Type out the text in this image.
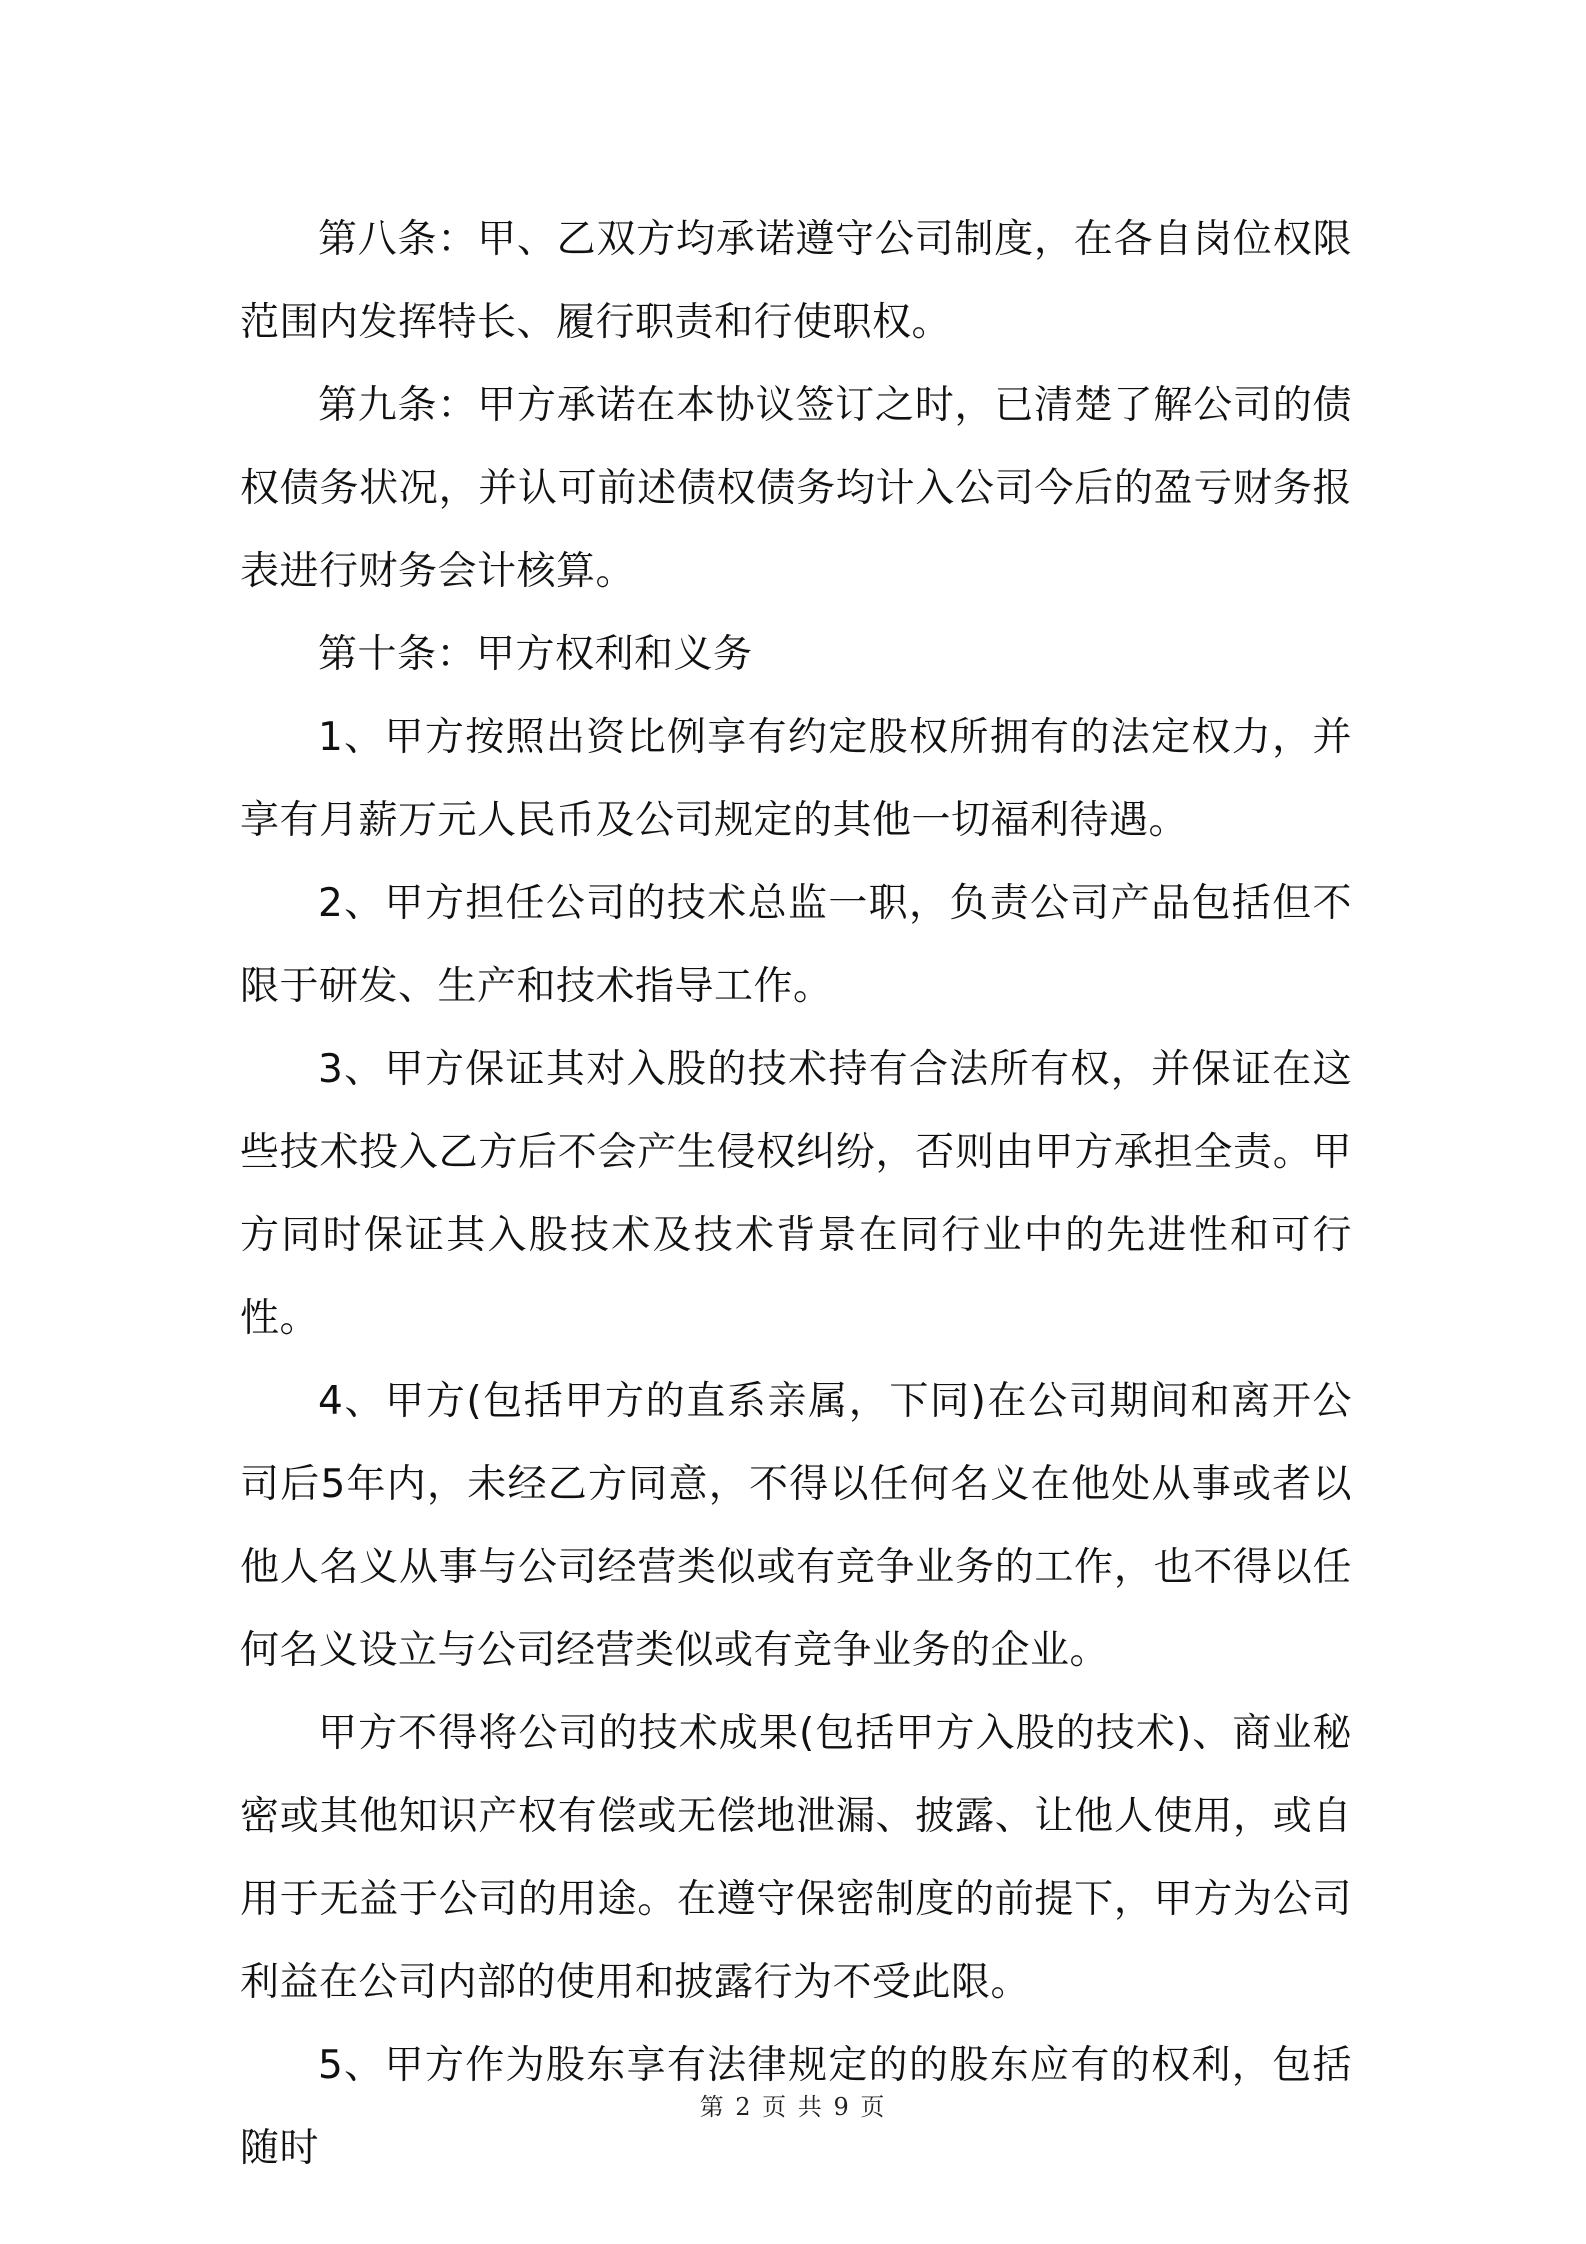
第八条：甲、乙双方均承诺遵守公司制度，在各自岗位权限范围内发挥特长、履行职责和行使职权。

第九条：甲方承诺在本协议签订之时，已清楚了解公司的债权债务状况，并认可前述债权债务均计入公司今后的盈亏财务报表进行财务会计核算。

第十条：甲方权利和义务

1、甲方按照出资比例享有约定股权所拥有的法定权力，并享有月薪万元人民币及公司规定的其他一切福利待遇。

2、甲方担任公司的技术总监一职，负责公司产品包括但不限于研发、生产和技术指导工作。

3、甲方保证其对入股的技术持有合法所有权，并保证在这些技术投入乙方后不会产生侵权纠纷，否则由甲方承担全责。甲方同时保证其入股技术及技术背景在同行业中的先进性和可行性。

4、甲方(包括甲方的直系亲属，下同)在公司期间和离开公司后5年内，未经乙方同意，不得以任何名义在他处从事或者以他人名义从事与公司经营类似或有竞争业务的工作，也不得以任何名义设立与公司经营类似或有竞争业务的企业。

甲方不得将公司的技术成果(包括甲方入股的技术)、商业秘密或其他知识产权有偿或无偿地泄漏、披露、让他人使用，或自用于无益于公司的用途。在遵守保密制度的前提下，甲方为公司利益在公司内部的使用和披露行为不受此限。

5、甲方作为股东享有法律规定的的股东应有的权利，包括随时

第 2 页 共 9 页
